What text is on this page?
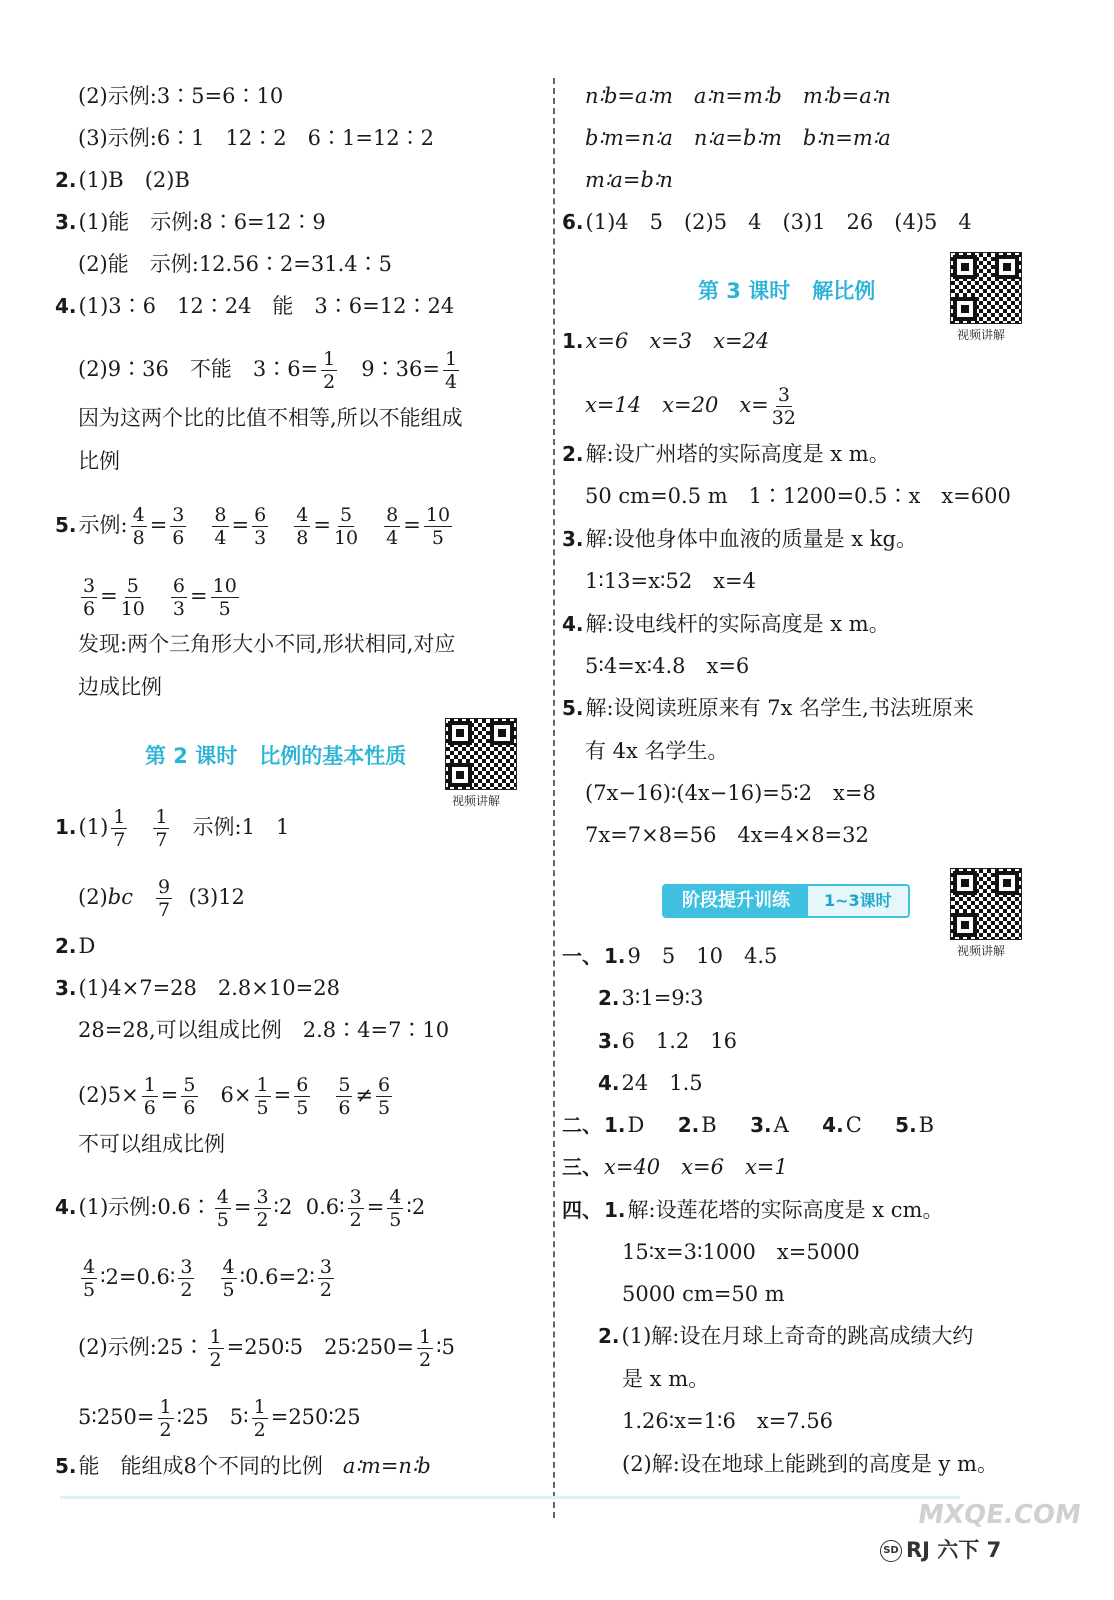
(2)示例:3∶5=6∶10
(3)示例:6∶1　12∶2　6∶1=12∶2
2.(1)B　(2)B
3.(1)能　示例:8∶6=12∶9
(2)能　示例:12.56∶2=31.4∶5
4.(1)3∶6　12∶24　能　3∶6=12∶24
(2)9∶36　不能　3∶6= $\frac{1}{2}$ 　9∶36= $\frac{1}{4}$
因为这两个比的比值不相等,所以不能组成
比例
5.示例: $\frac{4}{8} = \frac{3}{6}$
$\frac{8}{4} = \frac{6}{3}$
$\frac{4}{8} = \frac{5}{10}$
$\frac{8}{4} = \frac{10}{5}$
$\frac{3}{6} = \frac{5}{10}$
$\frac{6}{3} = \frac{10}{5}$
发现:两个三角形大小不同,形状相同,对应
边成比例
第 2 课时 比例的基本性质
视频讲解
$1.(1) \frac{1}{7}$
$\frac{1}{7}$ 示例:1　1
$(2)bc \frac{9}{7} (3)12$
2.D
3.(1)4×7=28　2.8×10=28
28=28,可以组成比例　2.8∶4=7∶10
$(2)5\times \frac{1}{6} = \frac{5}{6} 6\times \frac{1}{5} = \frac{6}{5}$
$\frac{5}{6} \ne \frac{6}{5}$
不可以组成比例
4.(1)示例:0.6∶ $\frac{4}{5} = \frac{3}{2}$ ∶2 0.6∶ $\frac{3}{2} = \frac{4}{5}$ ∶2
$\frac{4}{5}$ ∶2=0.6∶ $\frac{3}{2}$
$\frac{4}{5}$ ∶0.6=2∶ $\frac{3}{2}$
(2)示例:25∶ $\frac{1}{2}$ =250∶5　25∶250= $\frac{1}{2}$ ∶5
5∶250= $\frac{1}{2}$ ∶25　5∶ $\frac{1}{2}$ =250∶25
5.能　能组成8个不同的比例 a∶m=n∶b
n∶b=a∶m　a∶n=m∶b　m∶b=a∶n
b∶m=n∶a　n∶a=b∶m　b∶n=m∶a
m∶a=b∶n
6.(1)4　5　(2)5　4　(3)1　26　(4)5　4
第 3 课时 解比例
视频讲解
1.x=6　x=3　x=24
x=14　x=20　$x= \frac{3}{32}$
2.解:设广州塔的实际高度是 x m。
50 cm=0.5 m　1∶1200=0.5∶x　x=600
3.解:设他身体中血液的质量是 x kg。
1∶13=x∶52　x=4
4.解:设电线杆的实际高度是 x m。
5∶4=x∶4.8　x=6
5.解:设阅读班原来有 7x 名学生,书法班原来
有 4x 名学生。
(7x−16)∶(4x−16)=5∶2　x=8
7x=7×8=56　4x=4×8=32
阶段提升训练	1~3课时
视频讲解
一、 1.9　5　10　4.5
2.3∶1=9∶3
3.6　1.2　16
4.24　1.5
二、 1.D 2.B 3.A 4.C 5.B
三、x=40　x=6　x=1
四、 1.解:设莲花塔的实际高度是 x cm。
15∶x=3∶1000　x=5000
5000 cm=50 m
2.(1)解:设在月球上奇奇的跳高成绩大约
是 x m。
1.26∶x=1∶6　x=7.56
(2)解:设在地球上能跳到的高度是 y m。
MXQE.COM
SD RJ 六下 7
